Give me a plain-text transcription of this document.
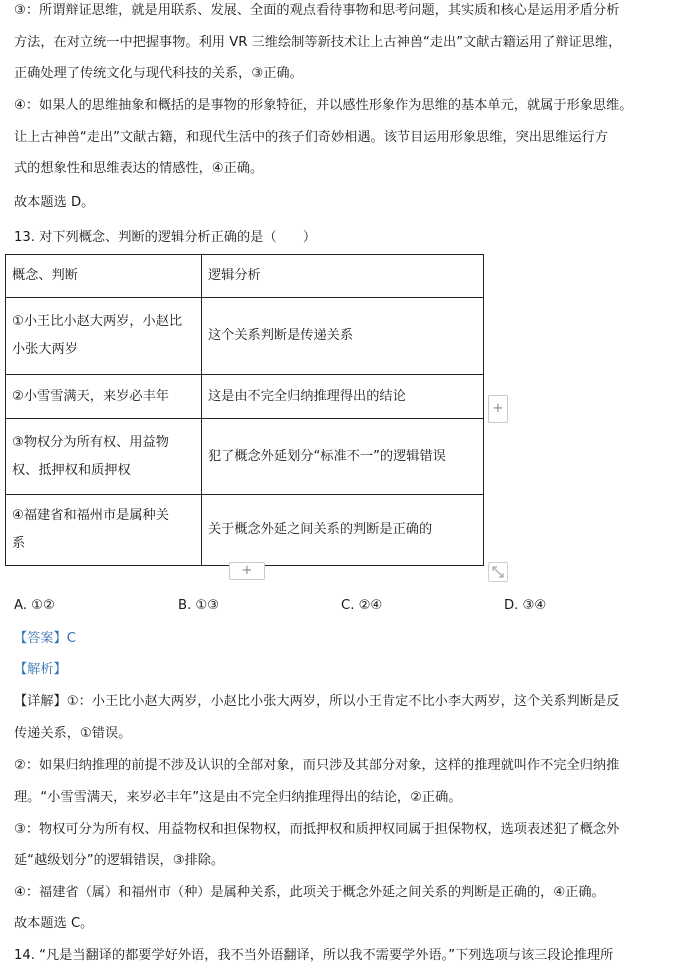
③：所谓辩证思维，就是用联系、发展、全面的观点看待事物和思考问题，其实质和核心是运用矛盾分析
方法，在对立统一中把握事物。利用 VR 三维绘制等新技术让上古神兽“走出”文献古籍运用了辩证思维，
正确处理了传统文化与现代科技的关系，③正确。
④：如果人的思维抽象和概括的是事物的形象特征，并以感性形象作为思维的基本单元，就属于形象思维。
让上古神兽“走出”文献古籍，和现代生活中的孩子们奇妙相遇。该节目运用形象思维，突出思维运行方
式的想象性和思维表达的情感性，④正确。
故本题选 D。
13. 对下列概念、判断的逻辑分析正确的是（　　）
概念、判断	逻辑分析

①小王比小赵大两岁，小赵比
小张大两岁	这个关系判断是传递关系
②小雪雪满天，来岁必丰年	这是由不完全归纳推理得出的结论

③物权分为所有权、用益物
权、抵押权和质押权	犯了概念外延划分“标准不一”的逻辑错误

④福建省和福州市是属种关
系	关于概念外延之间关系的判断是正确的
+
+
A. ①②	B. ①③	C. ②④	D. ③④
【答案】C
【解析】
【详解】①：小王比小赵大两岁，小赵比小张大两岁，所以小王肯定不比小李大两岁，这个关系判断是反
传递关系，①错误。
②：如果归纳推理的前提不涉及认识的全部对象，而只涉及其部分对象，这样的推理就叫作不完全归纳推
理。“小雪雪满天，来岁必丰年”这是由不完全归纳推理得出的结论，②正确。
③：物权可分为所有权、用益物权和担保物权，而抵押权和质押权同属于担保物权，选项表述犯了概念外
延“越级划分”的逻辑错误，③排除。
④：福建省（属）和福州市（种）是属种关系，此项关于概念外延之间关系的判断是正确的，④正确。
故本题选 C。
14. “凡是当翻译的都要学好外语，我不当外语翻译，所以我不需要学外语。”下列选项与该三段论推理所
